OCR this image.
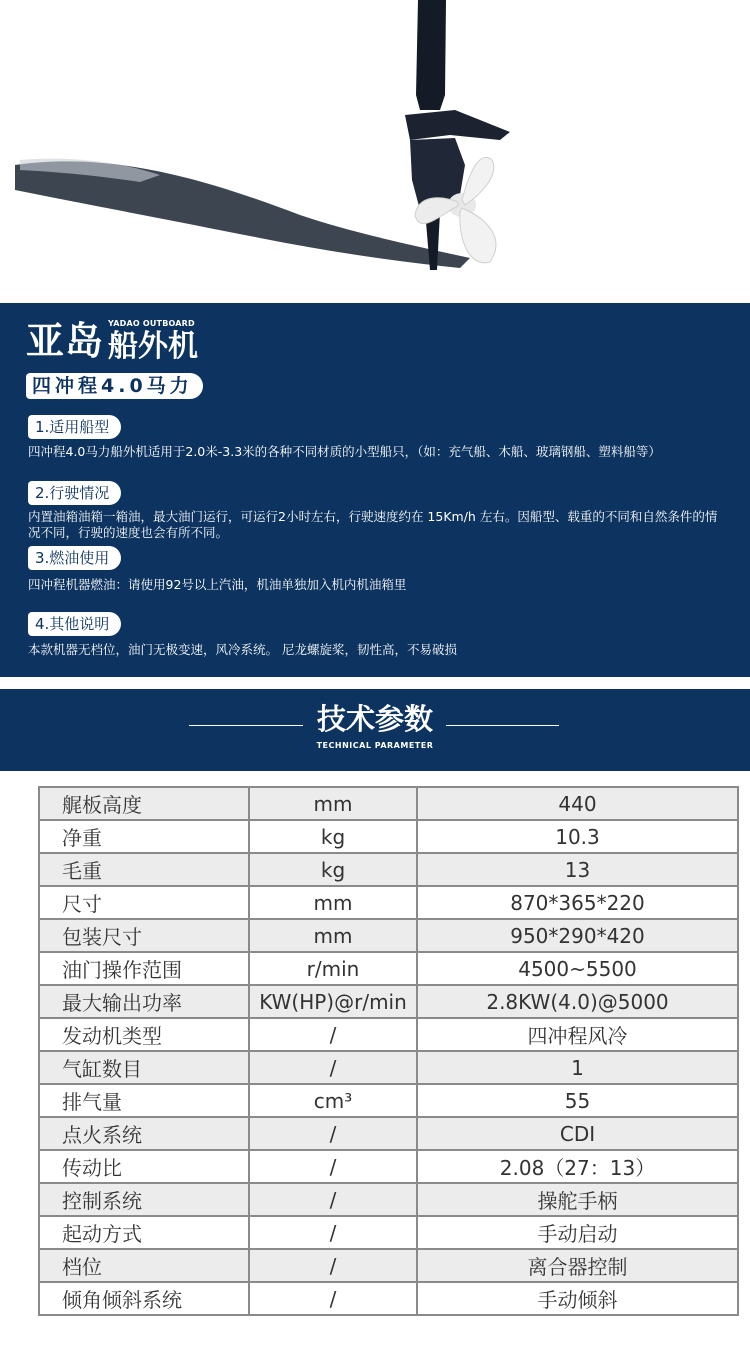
亚岛 YADAO OUTBOARD
船外机
四冲程4.0马力
1.适用船型
四冲程4.0马力船外机适用于2.0米-3.3米的各种不同材质的小型船只，（如：充气船、木船、玻璃钢船、塑料船等）
2.行驶情况
内置油箱油箱一箱油，最大油门运行，可运行2小时左右，行驶速度约在 15Km/h 左右。因船型、载重的不同和自然条件的情况不同，行驶的速度也会有所不同。
3.燃油使用
四冲程机器燃油：请使用92号以上汽油，机油单独加入机内机油箱里
4.其他说明
本款机器无档位，油门无极变速，风冷系统。 尼龙螺旋桨，韧性高，不易破损
技术参数
TECHNICAL PARAMETER
艉板高度	mm	440
净重	kg	10.3
毛重	kg	13
尺寸	mm	870*365*220
包装尺寸	mm	950*290*420
油门操作范围	r/min	4500~5500
最大输出功率	KW(HP)@r/min	2.8KW(4.0)@5000
发动机类型	/	四冲程风冷
气缸数目	/	1
排气量	cm³	55
点火系统	/	CDI
传动比	/	2.08（27：13）
控制系统	/	操舵手柄
起动方式	/	手动启动
档位	/	离合器控制
倾角倾斜系统	/	手动倾斜
